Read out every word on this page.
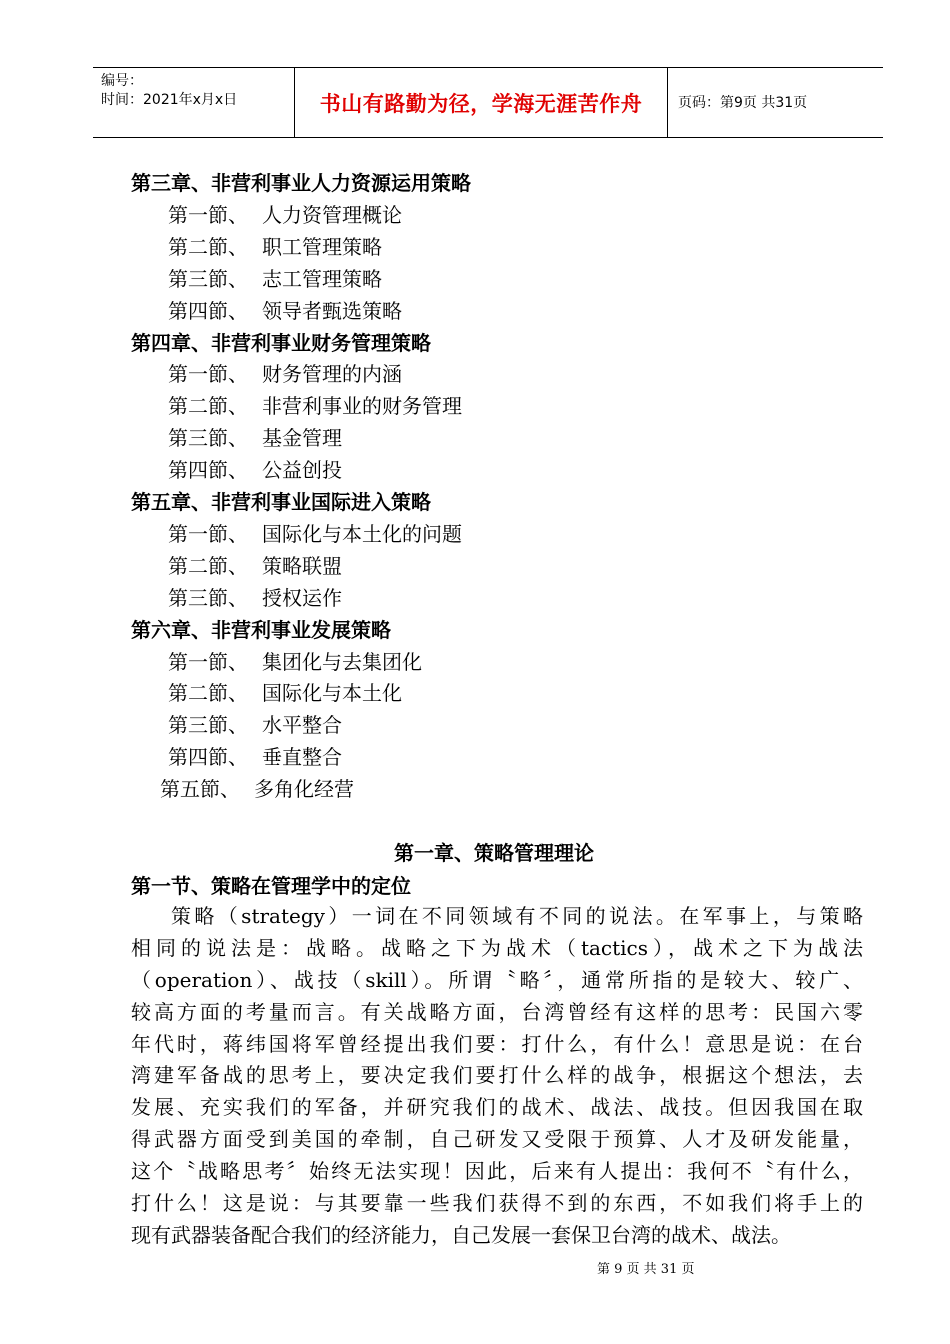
编号：
时间：2021年x月x日	书山有路勤为径，学海无涯苦作舟	页码：第9页 共31页
第三章、非营利事业人力资源运用策略
第一節、 人力资管理概论
第二節、 职工管理策略
第三節、 志工管理策略
第四節、 领导者甄选策略
第四章、非营利事业财务管理策略
第一節、 财务管理的内涵
第二節、 非营利事业的财务管理
第三節、 基金管理
第四節、 公益创投
第五章、非营利事业国际进入策略
第一節、 国际化与本土化的问题
第二節、 策略联盟
第三節、 授权运作
第六章、非营利事业发展策略
第一節、 集团化与去集团化
第二節、 国际化与本土化
第三節、 水平整合
第四節、 垂直整合
第五節、 多角化经营
第一章、策略管理理论
第一节、策略在管理学中的定位
策略（strategy）一词在不同领域有不同的说法。在军事上，与策略
相同的说法是：战略。战略之下为战术（tactics），战术之下为战法
（operation）、战技（skill）。所谓〝略〞，通常所指的是较大、较广、
较高方面的考量而言。有关战略方面，台湾曾经有这样的思考：民国六零
年代时，蒋纬国将军曾经提出我们要：打什么，有什么！意思是说：在台
湾建军备战的思考上，要决定我们要打什么样的战争，根据这个想法，去
发展、充实我们的军备，并研究我们的战术、战法、战技。但因我国在取
得武器方面受到美国的牵制，自己研发又受限于预算、人才及研发能量，
这个〝战略思考〞始终无法实现！因此，后来有人提出：我何不〝有什么，
打什么！这是说：与其要靠一些我们获得不到的东西，不如我们将手上的
现有武器装备配合我们的经济能力，自己发展一套保卫台湾的战术、战法。
第 9 页 共 31 页
